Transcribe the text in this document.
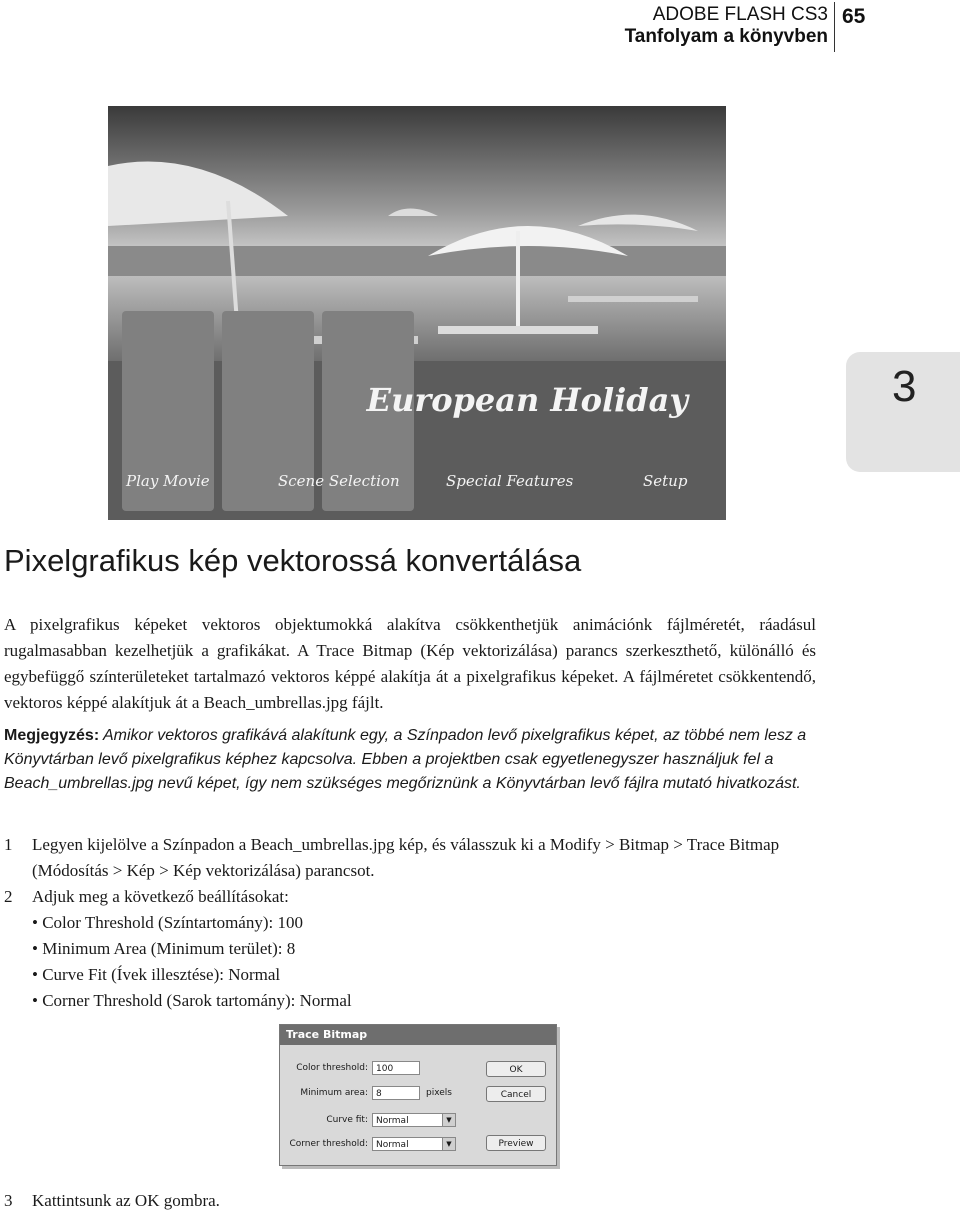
ADOBE FLASH CS3
Tanfolyam a könyvben
65
European Holiday
Play Movie	Scene Selection	Special Features	Setup
3
Pixelgrafikus kép vektorossá konvertálása

A pixelgrafikus képeket vektoros objektumokká alakítva csökkenthetjük animációnk fájlméretét, ráadásul rugalmasabban kezelhetjük a grafikákat. A Trace Bitmap (Kép vektorizálása) parancs szerkeszthető, különálló és egybefüggő színterületeket tartalmazó vektoros képpé alakítja át a pixelgrafikus képeket. A fájlméretet csökkentendő, vektoros képpé alakítjuk át a Beach_umbrellas.jpg fájlt.

Megjegyzés: Amikor vektoros grafikává alakítunk egy, a Színpadon levő pixelgrafikus képet, az többé nem lesz a Könyvtárban levő pixelgrafikus képhez kapcsolva. Ebben a projektben csak egyetlenegyszer használjuk fel a Beach_umbrellas.jpg nevű képet, így nem szükséges megőriznünk a Könyvtárban levő fájlra mutató hivatkozást.

1 Legyen kijelölve a Színpadon a Beach_umbrellas.jpg kép, és válasszuk ki a Modify > Bitmap > Trace Bitmap (Módosítás > Kép > Kép vektorizálása) parancsot.
2 Adjuk meg a következő beállításokat:
• Color Threshold (Színtartomány): 100
• Minimum Area (Minimum terület): 8
• Curve Fit (Ívek illesztése): Normal
• Corner Threshold (Sarok tartomány): Normal
Trace Bitmap
Color threshold: 100
Minimum area: 8	pixels
Curve fit: Normal	▼
Corner threshold: Normal	▼
OK
Cancel
Preview
3 Kattintsunk az OK gombra.
